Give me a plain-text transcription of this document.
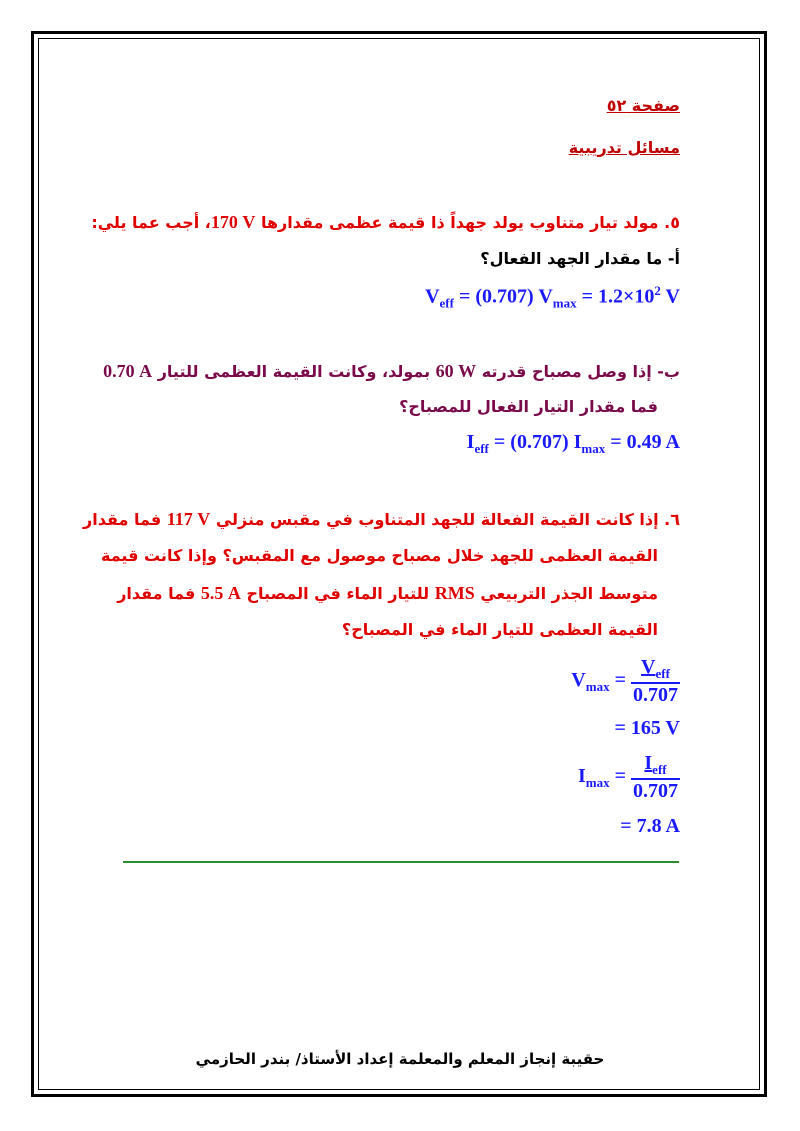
صفحة ٥٢
مسائل تدريبية
٥. مولد تيار متناوب يولد جهداً ذا قيمة عظمى مقدارها 170 V، أجب عما يلي:
أ- ما مقدار الجهد الفعال؟
$V_{eff} = (0.707) V_{max} = 1.2\times 10^2$ V
ب- إذا وصل مصباح قدرته 60 W بمولد، وكانت القيمة العظمى للتيار 0.70 A
فما مقدار التيار الفعال للمصباح؟
$I_{eff} = (0.707) I_{max} = 0.49$ A
٦. إذا كانت القيمة الفعالة للجهد المتناوب في مقبس منزلي 117 V فما مقدار
القيمة العظمى للجهد خلال مصباح موصول مع المقبس؟ وإذا كانت قيمة
متوسط الجذر التربيعي RMS للتيار الماء في المصباح 5.5 A فما مقدار
القيمة العظمى للتيار الماء في المصباح؟
$V_{max} = \frac{V_{eff}}{0.707}$
= 165 V
$I_{max} = \frac{I_{eff}}{0.707}$
= 7.8 A
حقيبة إنجاز المعلم والمعلمة إعداد الأستاذ/ بندر الحازمي
